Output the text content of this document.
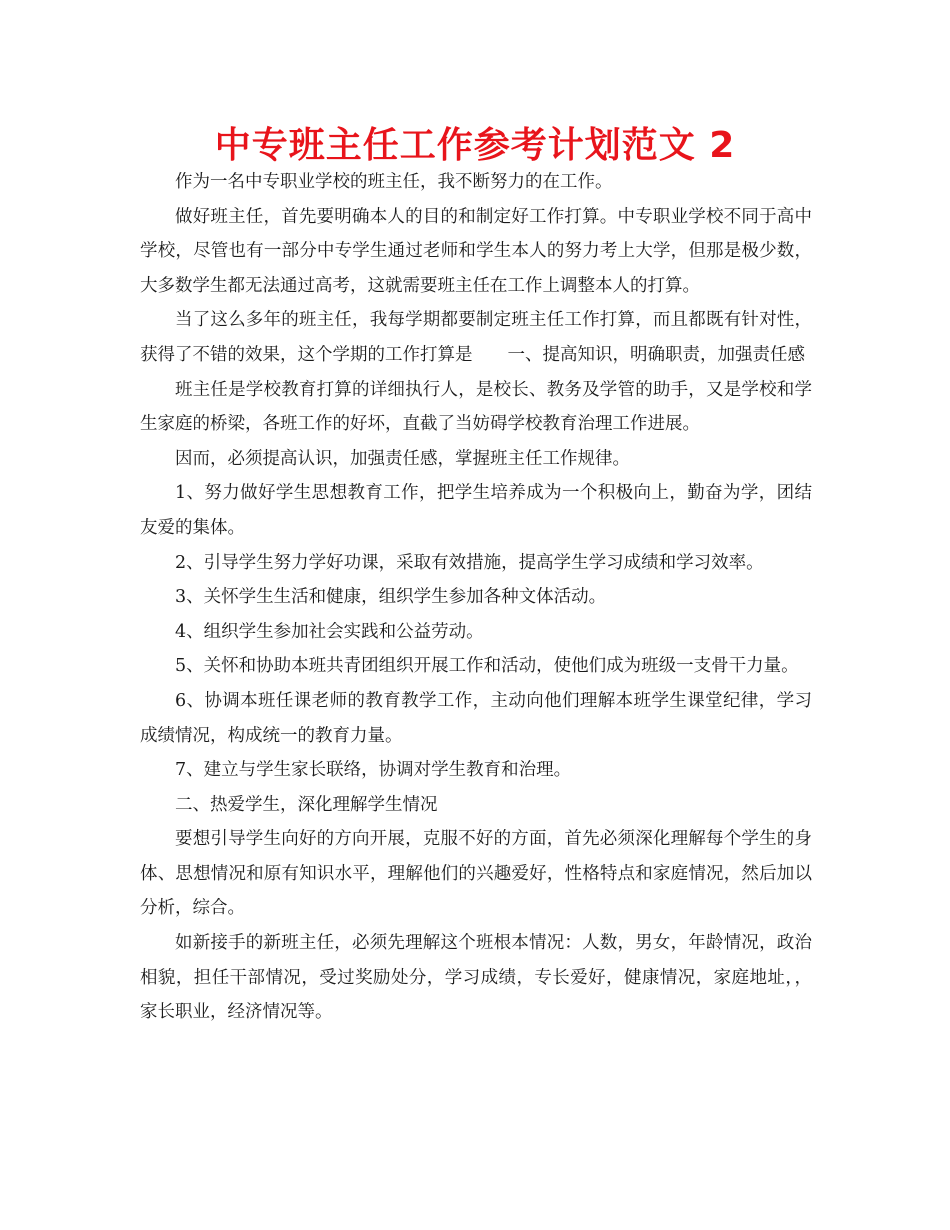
中专班主任工作参考计划范文 2

作为一名中专职业学校的班主任，我不断努力的在工作。

做好班主任，首先要明确本人的目的和制定好工作打算。中专职业学校不同于高中学校，尽管也有一部分中专学生通过老师和学生本人的努力考上大学，但那是极少数，大多数学生都无法通过高考，这就需要班主任在工作上调整本人的打算。

当了这么多年的班主任，我每学期都要制定班主任工作打算，而且都既有针对性，获得了不错的效果，这个学期的工作打算是　　一、提高知识，明确职责，加强责任感

班主任是学校教育打算的详细执行人，是校长、教务及学管的助手，又是学校和学生家庭的桥梁，各班工作的好坏，直截了当妨碍学校教育治理工作进展。

因而，必须提高认识，加强责任感，掌握班主任工作规律。

1、努力做好学生思想教育工作，把学生培养成为一个积极向上，勤奋为学，团结友爱的集体。

2、引导学生努力学好功课，采取有效措施，提高学生学习成绩和学习效率。

3、关怀学生生活和健康，组织学生参加各种文体活动。

4、组织学生参加社会实践和公益劳动。

5、关怀和协助本班共青团组织开展工作和活动，使他们成为班级一支骨干力量。

6、协调本班任课老师的教育教学工作，主动向他们理解本班学生课堂纪律，学习成绩情况，构成统一的教育力量。

7、建立与学生家长联络，协调对学生教育和治理。

二、热爱学生，深化理解学生情况

要想引导学生向好的方向开展，克服不好的方面，首先必须深化理解每个学生的身体、思想情况和原有知识水平，理解他们的兴趣爱好，性格特点和家庭情况，然后加以分析，综合。

如新接手的新班主任，必须先理解这个班根本情况：人数，男女，年龄情况，政治相貌，担任干部情况，受过奖励处分，学习成绩，专长爱好，健康情况，家庭地址，，家长职业，经济情况等。
